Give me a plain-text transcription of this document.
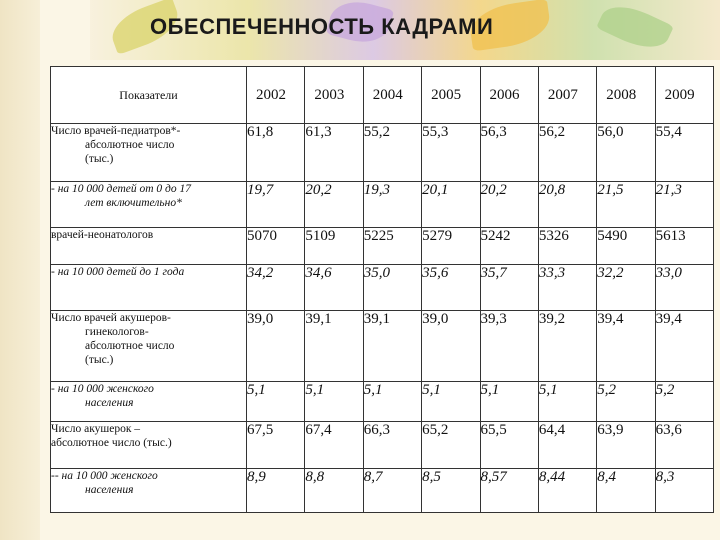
ОБЕСПЕЧЕННОСТЬ КАДРАМИ
Показатели	2002	2003	2004	2005	2006	2007	2008	2009

Число врачей-педиатров*-
абсолютное число
(тыс.)	61,8	61,3	55,2	55,3	56,3	56,2	56,0	55,4

- на 10 000 детей от 0 до 17
лет включительно*	19,7	20,2	19,3	20,1	20,2	20,8	21,5	21,3

врачей-неонатологов	5070	5109	5225	5279	5242	5326	5490	5613

- на 10 000 детей до 1 года	34,2	34,6	35,0	35,6	35,7	33,3	32,2	33,0

Число врачей акушеров-
гинекологов-
абсолютное число
(тыс.)	39,0	39,1	39,1	39,0	39,3	39,2	39,4	39,4

- на 10 000 женского
населения	5,1	5,1	5,1	5,1	5,1	5,1	5,2	5,2

Число акушерок –
абсолютное число (тыс.)	67,5	67,4	66,3	65,2	65,5	64,4	63,9	63,6

-- на 10 000 женского
населения	8,9	8,8	8,7	8,5	8,57	8,44	8,4	8,3
